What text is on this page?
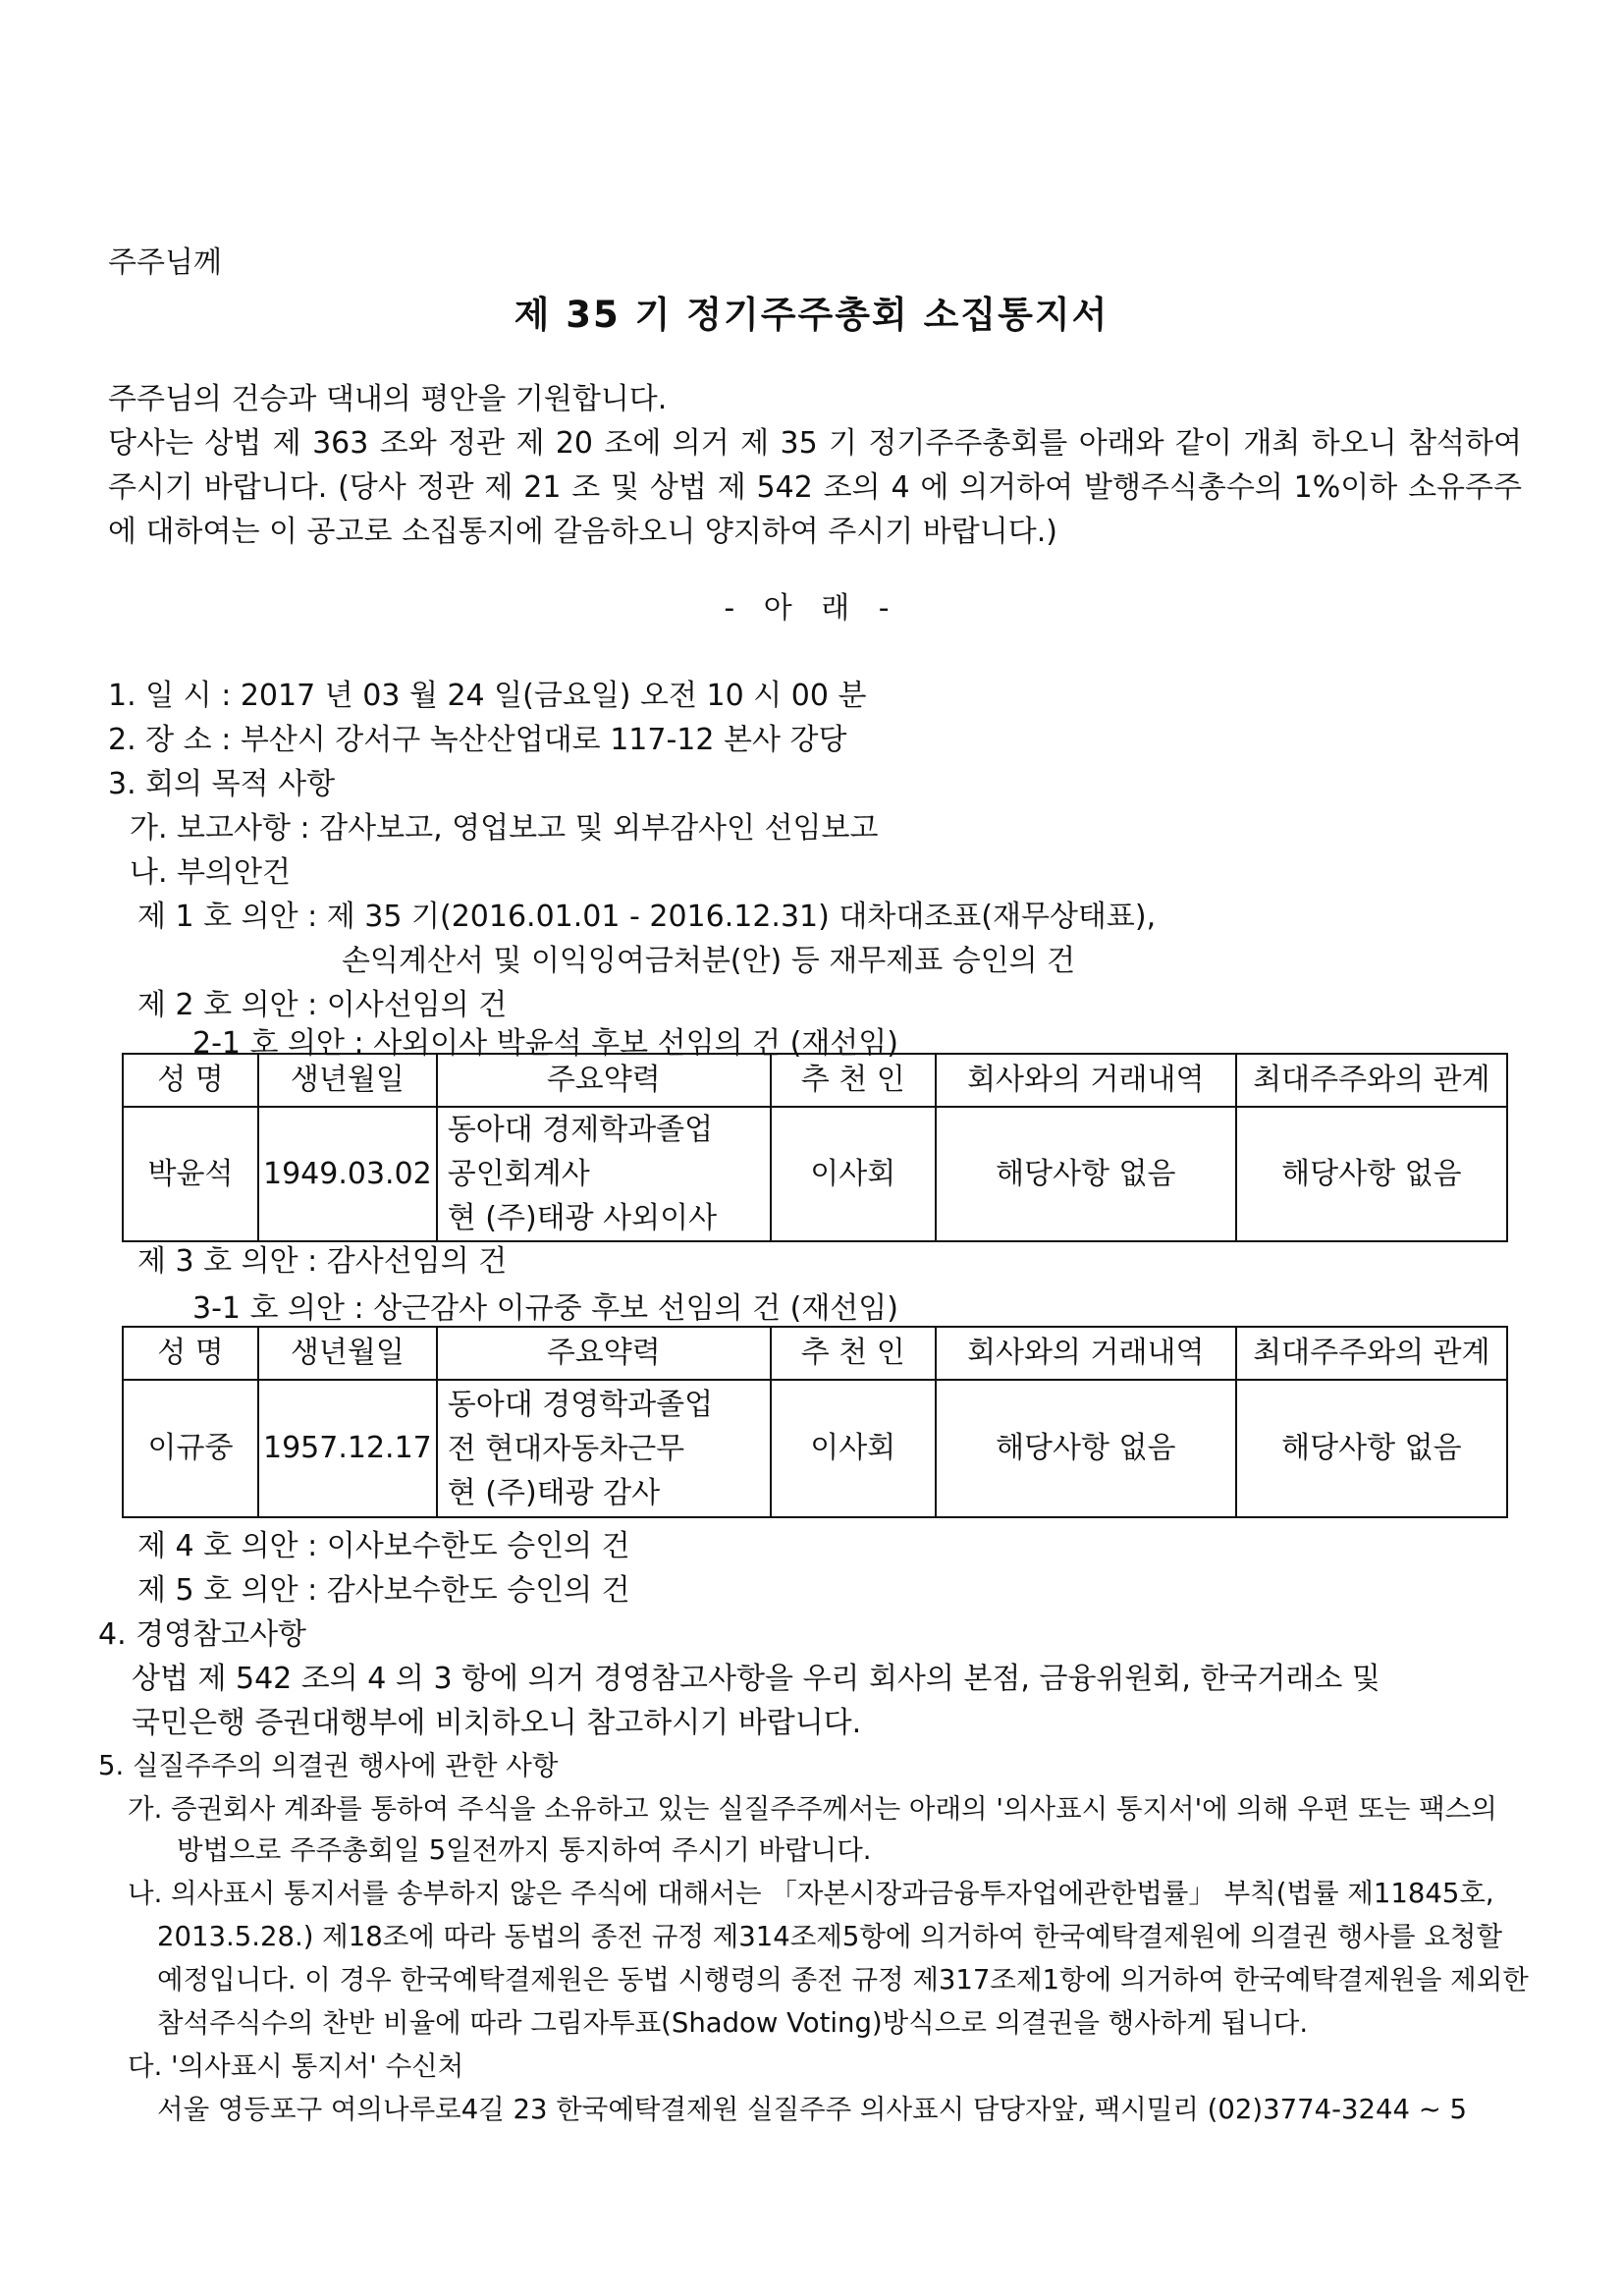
주주님께
제 35 기 정기주주총회 소집통지서

주주님의 건승과 댁내의 평안을 기원합니다.

당사는 상법 제 363 조와 정관 제 20 조에 의거 제 35 기 정기주주총회를 아래와 같이 개최 하오니 참석하여 주시기 바랍니다. (당사 정관 제 21 조 및 상법 제 542 조의 4 에 의거하여 발행주식총수의 1%이하 소유주주에 대하여는 이 공고로 소집통지에 갈음하오니 양지하여 주시기 바랍니다.)

- 아 래 -
1. 일 시 : 2017 년 03 월 24 일(금요일) 오전 10 시 00 분
2. 장 소 : 부산시 강서구 녹산산업대로 117-12 본사 강당
3. 회의 목적 사항
가. 보고사항 : 감사보고, 영업보고 및 외부감사인 선임보고
나. 부의안건
제 1 호 의안 : 제 35 기(2016.01.01 - 2016.12.31) 대차대조표(재무상태표),
손익계산서 및 이익잉여금처분(안) 등 재무제표 승인의 건
제 2 호 의안 : 이사선임의 건
2-1 호 의안 : 사외이사 박윤석 후보 선임의 건 (재선임)
성 명	생년월일	주요약력	추 천 인	회사와의 거래내역	최대주주와의 관계
박윤석	1949.03.02	동아대 경제학과졸업
공인회계사
현 (주)태광 사외이사	이사회	해당사항 없음	해당사항 없음
제 3 호 의안 : 감사선임의 건
3-1 호 의안 : 상근감사 이규중 후보 선임의 건 (재선임)
성 명	생년월일	주요약력	추 천 인	회사와의 거래내역	최대주주와의 관계
이규중	1957.12.17	동아대 경영학과졸업
전 현대자동차근무
현 (주)태광 감사	이사회	해당사항 없음	해당사항 없음
제 4 호 의안 : 이사보수한도 승인의 건
제 5 호 의안 : 감사보수한도 승인의 건
4. 경영참고사항
상법 제 542 조의 4 의 3 항에 의거 경영참고사항을 우리 회사의 본점, 금융위원회, 한국거래소 및
국민은행 증권대행부에 비치하오니 참고하시기 바랍니다.
5. 실질주주의 의결권 행사에 관한 사항
가. 증권회사 계좌를 통하여 주식을 소유하고 있는 실질주주께서는 아래의 '의사표시 통지서'에 의해 우편 또는 팩스의
방법으로 주주총회일 5일전까지 통지하여 주시기 바랍니다.
나. 의사표시 통지서를 송부하지 않은 주식에 대해서는 「자본시장과금융투자업에관한법률」 부칙(법률 제11845호,
2013.5.28.) 제18조에 따라 동법의 종전 규정 제314조제5항에 의거하여 한국예탁결제원에 의결권 행사를 요청할
예정입니다. 이 경우 한국예탁결제원은 동법 시행령의 종전 규정 제317조제1항에 의거하여 한국예탁결제원을 제외한
참석주식수의 찬반 비율에 따라 그림자투표(Shadow Voting)방식으로 의결권을 행사하게 됩니다.
다. '의사표시 통지서' 수신처
서울 영등포구 여의나루로4길 23 한국예탁결제원 실질주주 의사표시 담당자앞, 팩시밀리 (02)3774-3244 ~ 5
